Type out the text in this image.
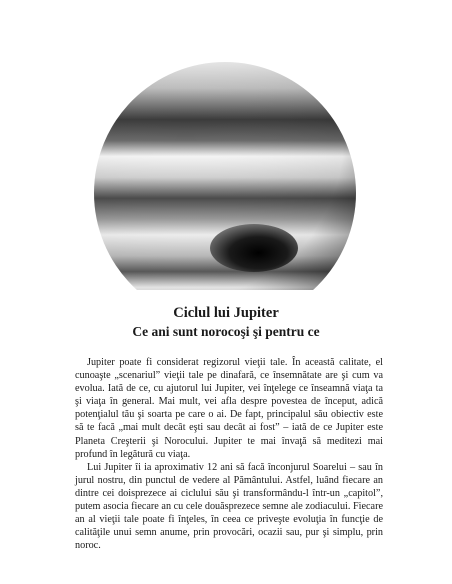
Ciclul lui Jupiter
Ce ani sunt norocoşi şi pentru ce

Jupiter poate fi considerat regizorul vieţii tale. În această calitate, el cunoaşte „scenariul” vieţii tale pe dinafară, ce însemnătate are şi cum va evolua. Iată de ce, cu ajutorul lui Jupiter, vei înţelege ce înseamnă viaţa ta şi viaţa în general. Mai mult, vei afla despre povestea de început, adică potenţialul tău şi soarta pe care o ai. De fapt, principalul său obiectiv este să te facă „mai mult decât eşti sau decât ai fost” – iată de ce Jupiter este Planeta Creşterii şi Norocului. Jupiter te mai învaţă să meditezi mai profund în legătură cu viaţa.

Lui Jupiter îi ia aproximativ 12 ani să facă înconjurul Soarelui – sau în jurul nostru, din punctul de vedere al Pământului. Astfel, luând fiecare an dintre cei doisprezece ai ciclului său şi transformându-l într-un „capitol”, putem asocia fiecare an cu cele douăsprezece semne ale zodiacului. Fiecare an al vieţii tale poate fi înţeles, în ceea ce priveşte evoluţia în funcţie de calităţile unui semn anume, prin provocări, ocazii sau, pur şi simplu, prin noroc.
